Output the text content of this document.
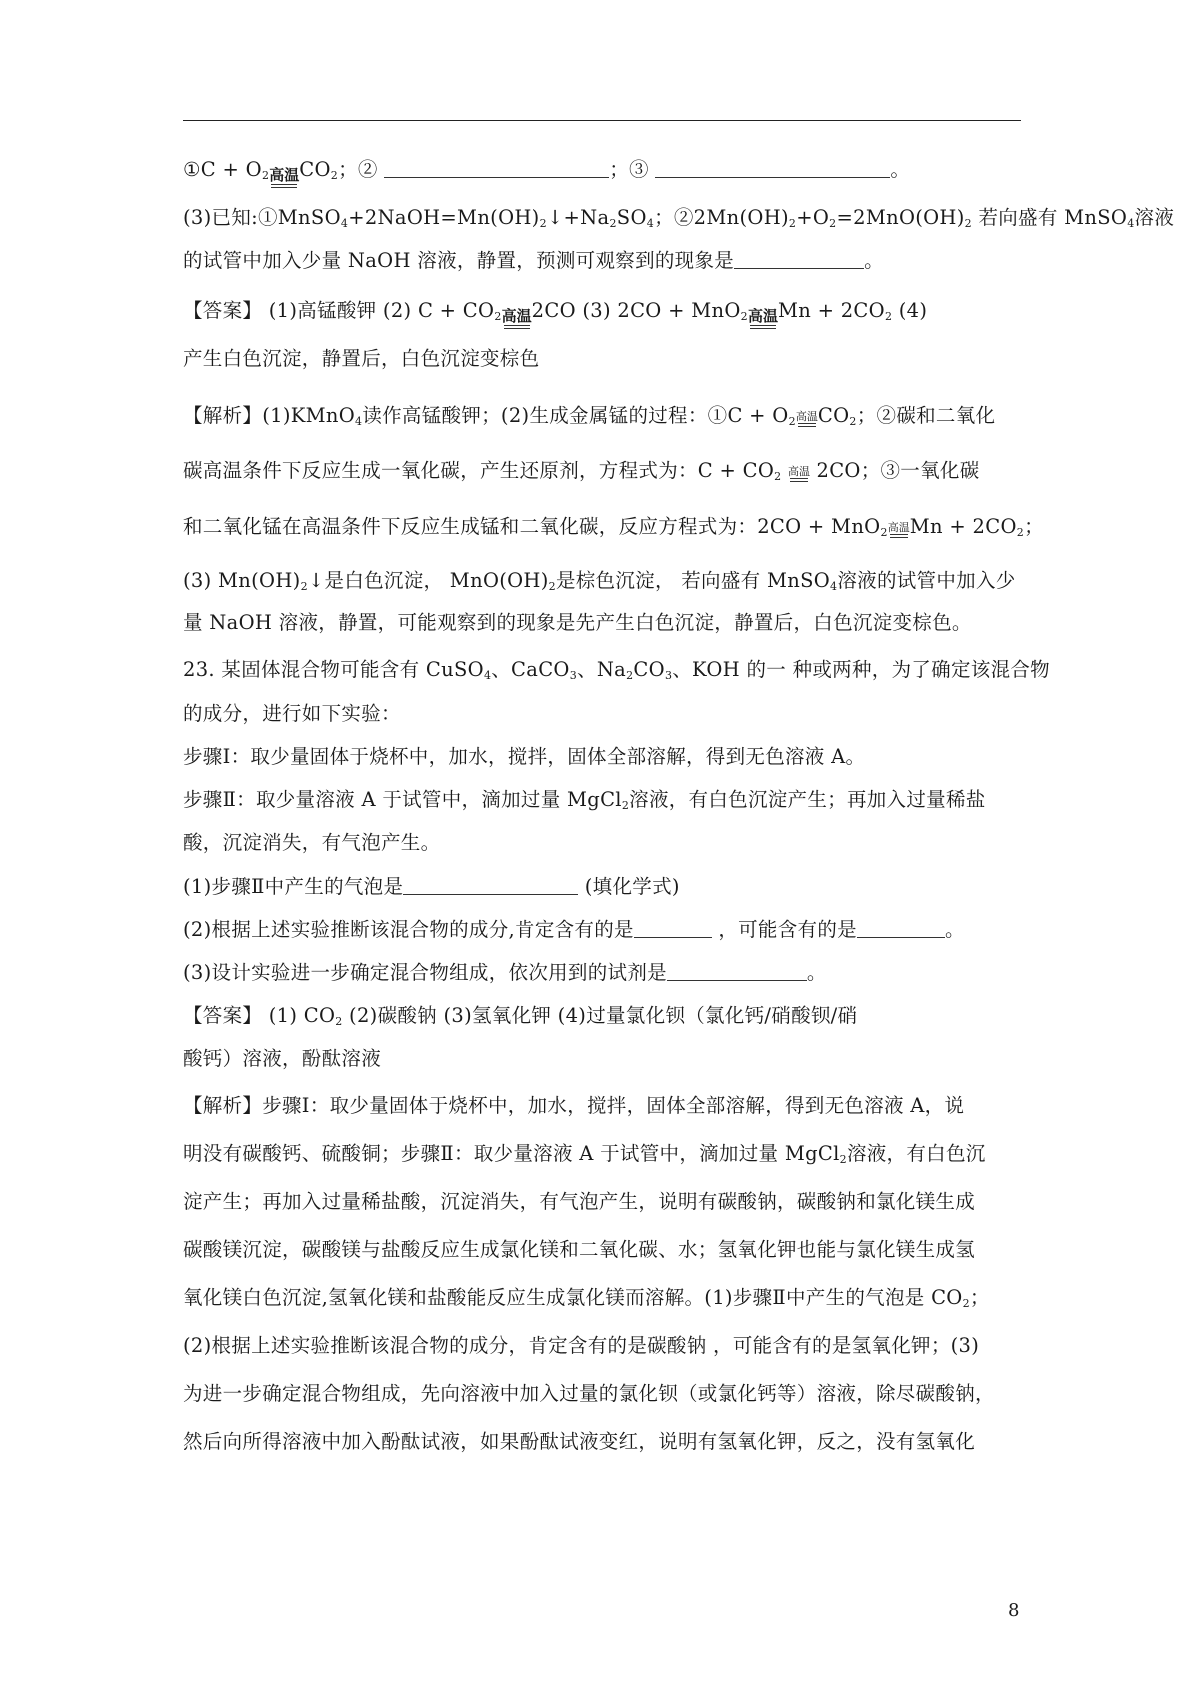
①C + $O_2$ 高温 $CO_2$；②	；③	。
(3)已知$:①MnSO_4+2NaOH=Mn(OH)_2↓+Na_2SO_4$；$②2Mn(OH)_2+O_2=2MnO(OH)_2$ 若向盛有 MnSO$_4$溶液
的试管中加入少量 NaOH 溶液，静置，预测可观察到的现象是	。
【答案】 (1)高锰酸钾 (2) $C + CO_2$ 高温 2CO (3) 2CO + MnO$_2$ 高温 $Mn + 2CO_2$ (4)
产生白色沉淀，静置后，白色沉淀变棕色
【解析】(1)KMnO$_4$读作高锰酸钾；(2)生成金属锰的过程：①C + $O_2$ 高温 $CO_2$；②碳和二氧化
碳高温条件下反应生成一氧化碳，产生还原剂，方程式为：$C + CO_2$ 高温 2CO；③一氧化碳
和二氧化锰在高温条件下反应生成锰和二氧化碳，反应方程式为：2CO + MnO$_2$ 高温 $Mn + 2CO_2$；
(3) $Mn(OH)_2↓$是白色沉淀， $MnO(OH)_2$是棕色沉淀， 若向盛有 MnSO$_4$溶液的试管中加入少
量 NaOH 溶液，静置，可能观察到的现象是先产生白色沉淀，静置后，白色沉淀变棕色。
23. 某固体混合物可能含有 CuSO$_4$、CaCO$_3$、$Na_2CO_3$、KOH 的一 种或两种，为了确定该混合物
的成分，进行如下实验：
步骤Ⅰ：取少量固体于烧杯中，加水，搅拌，固体全部溶解，得到无色溶液 A。
步骤Ⅱ：取少量溶液 A 于试管中，滴加过量 MgCl$_2$溶液，有白色沉淀产生；再加入过量稀盐
酸，沉淀消失，有气泡产生。
(1)步骤Ⅱ中产生的气泡是	(填化学式)
(2)根据上述实验推断该混合物的成分,肯定含有的是	，可能含有的是	。
(3)设计实验进一步确定混合物组成，依次用到的试剂是	。
【答案】 (1) $CO_2$ (2)碳酸钠 (3)氢氧化钾 (4)过量氯化钡（氯化钙/硝酸钡/硝
酸钙）溶液，酚酞溶液
【解析】步骤Ⅰ：取少量固体于烧杯中，加水，搅拌，固体全部溶解，得到无色溶液 A，说
明没有碳酸钙、硫酸铜；步骤Ⅱ：取少量溶液 A 于试管中，滴加过量 MgCl$_2$溶液，有白色沉
淀产生；再加入过量稀盐酸，沉淀消失，有气泡产生，说明有碳酸钠，碳酸钠和氯化镁生成
碳酸镁沉淀，碳酸镁与盐酸反应生成氯化镁和二氧化碳、水；氢氧化钾也能与氯化镁生成氢
氧化镁白色沉淀,氢氧化镁和盐酸能反应生成氯化镁而溶解。(1)步骤Ⅱ中产生的气泡是 $CO_2$；
(2)根据上述实验推断该混合物的成分，肯定含有的是碳酸钠 ，可能含有的是氢氧化钾；(3)
为进一步确定混合物组成，先向溶液中加入过量的氯化钡（或氯化钙等）溶液，除尽碳酸钠，
然后向所得溶液中加入酚酞试液，如果酚酞试液变红，说明有氢氧化钾，反之，没有氢氧化
8
